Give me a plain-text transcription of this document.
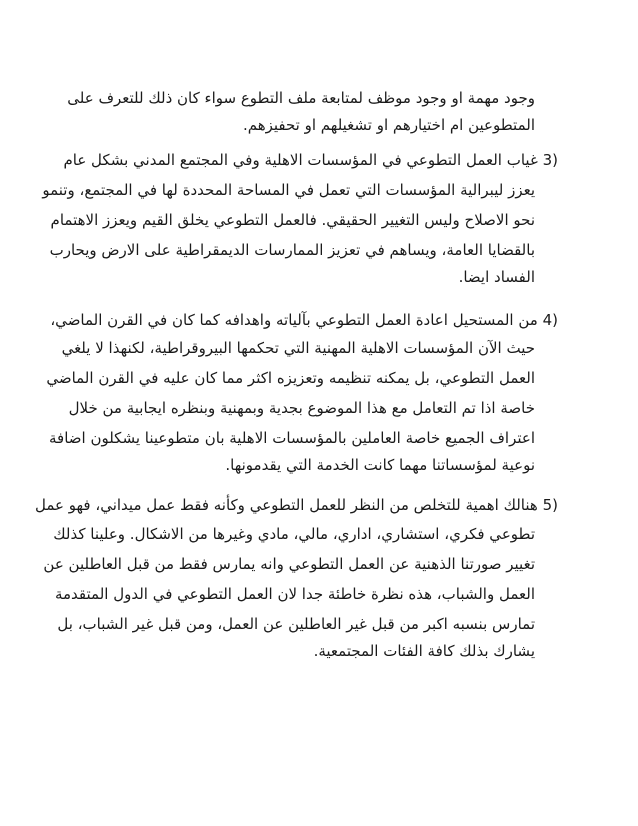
وجود مهمة او وجود موظف لمتابعة ملف التطوع سواء كان ذلك للتعرف على
المتطوعين ام اختيارهم او تشغيلهم او تحفيزهم.
3) غياب العمل التطوعي في المؤسسات الاهلية وفي المجتمع المدني بشكل عام
يعزز ليبرالية المؤسسات التي تعمل في المساحة المحددة لها في المجتمع، وتنمو
نحو الاصلاح وليس التغيير الحقيقي. فالعمل التطوعي يخلق القيم ويعزز الاهتمام
بالقضايا العامة، ويساهم في تعزيز الممارسات الديمقراطية على الارض ويحارب
الفساد ايضا.
4) من المستحيل اعادة العمل التطوعي بآلياته واهدافه كما كان في القرن الماضي،
حيث الآن المؤسسات الاهلية المهنية التي تحكمها البيروقراطية، لكنهذا لا يلغي
العمل التطوعي، بل يمكنه تنظيمه وتعزيزه اكثر مما كان عليه في القرن الماضي
خاصة اذا تم التعامل مع هذا الموضوع بجدية وبمهنية وبنظره ايجابية من خلال
اعتراف الجميع خاصة العاملين بالمؤسسات الاهلية بان متطوعينا يشكلون اضافة
نوعية لمؤسساتنا مهما كانت الخدمة التي يقدمونها.
5) هنالك اهمية للتخلص من النظر للعمل التطوعي وكأنه فقط عمل ميداني، فهو عمل
تطوعي فكري، استشاري، اداري، مالي، مادي وغيرها من الاشكال. وعلينا كذلك
تغيير صورتنا الذهنية عن العمل التطوعي وانه يمارس فقط من قبل العاطلين عن
العمل والشباب، هذه نظرة خاطئة جدا لان العمل التطوعي في الدول المتقدمة
تمارس بنسبه اكبر من قبل غير العاطلين عن العمل، ومن قبل غير الشباب، بل
يشارك بذلك كافة الفئات المجتمعية.
